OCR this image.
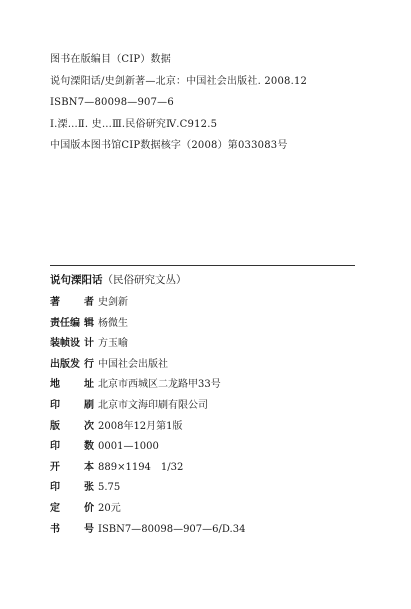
图书在版编目（CIP）数据
说句溧阳话/史剑新著—北京：中国社会出版社. 2008.12
ISBN7—80098—907—6
Ⅰ.溧…Ⅱ. 史…Ⅲ.民俗研究Ⅳ.C912.5
中国版本图书馆CIP数据核字（2008）第033083号
说句溧阳话（民俗研究文丛）
著 者 史剑新
责任编 辑 杨微生
装帧设 计 方玉喻
出版发 行 中国社会出版社
地 址 北京市西城区二龙路甲33号
印 刷 北京市文海印刷有限公司
版 次 2008年12月第1版
印 数 0001—1000
开 本 889×1194　1/32
印 张 5.75
定 价 20元
书 号 ISBN7—80098—907—6/D.34
